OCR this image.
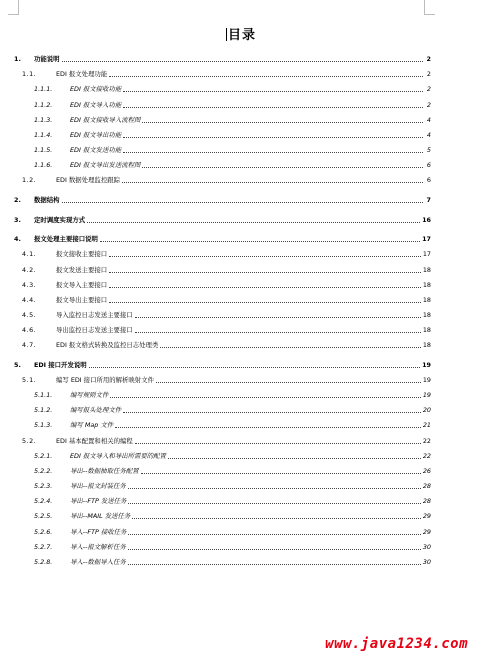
目录
1.	功能说明	2
1.1.	EDI 报文处理功能	2
1.1.1.	EDI 报文接收功能	2
1.1.2.	EDI 报文导入功能	2
1.1.3.	EDI 报文接收导入流程图	4
1.1.4.	EDI 报文导出功能	4
1.1.5.	EDI 报文发送功能	5
1.1.6.	EDI 报文导出发送流程图	6
1.2.	EDI 数据处理监控跟踪	6
2.	数据结构	7
3.	定时调度实现方式	16
4.	报文处理主要接口说明	17
4.1.	报文接收主要接口	17
4.2.	报文发送主要接口	18
4.3.	报文导入主要接口	18
4.4.	报文导出主要接口	18
4.5.	导入监控日志发送主要接口	18
4.6.	导出监控日志发送主要接口	18
4.7.	EDI 报文格式转换及监控日志处理类	18
5.	EDI 接口开发说明	19
5.1.	编写 EDI 接口所用的解析映射文件	19
5.1.1.	编写规则文件	19
5.1.2.	编写报头处理文件	20
5.1.3.	编写 Map 文件	21
5.2.	EDI 基本配置和相关的编程	22
5.2.1.	EDI 报文导入和导出所需要的配置	22
5.2.2.	导出--数据抽取任务配置	26
5.2.3.	导出--报文封装任务	28
5.2.4.	导出--FTP 发送任务	28
5.2.5.	导出--MAIL 发送任务	29
5.2.6.	导入--FTP 接收任务	29
5.2.7.	导入--报文解析任务	30
5.2.8.	导入--数据导入任务	30
www.java1234.com
